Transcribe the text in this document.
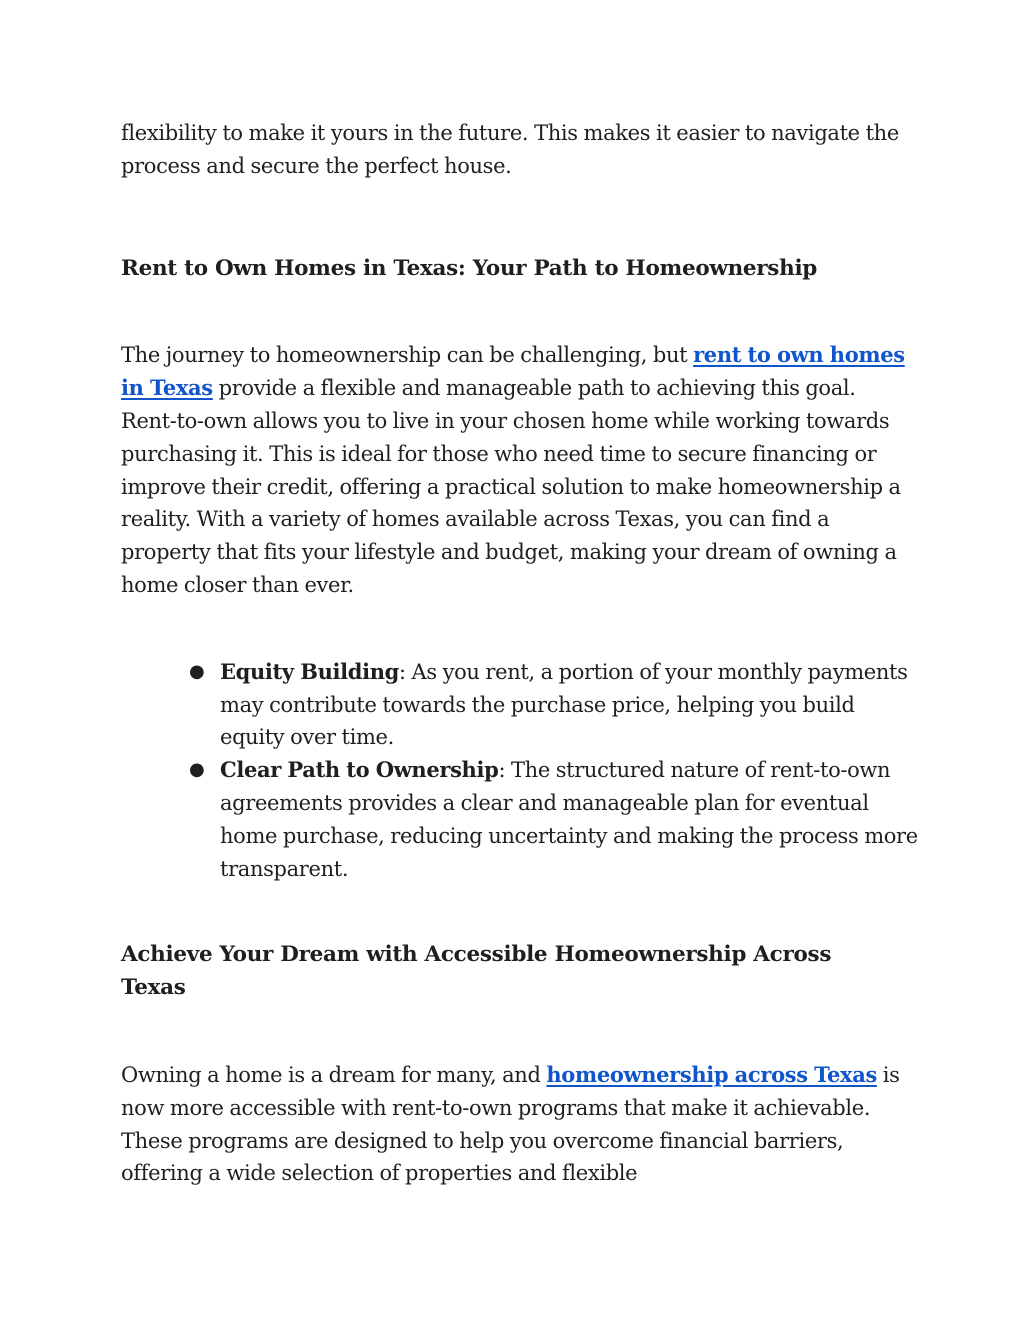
flexibility to make it yours in the future. This makes it easier to navigate the process and secure the perfect house.

Rent to Own Homes in Texas: Your Path to Homeownership

The journey to homeownership can be challenging, but rent to own homes in Texas provide a flexible and manageable path to achieving this goal. Rent-to-own allows you to live in your chosen home while working towards purchasing it. This is ideal for those who need time to secure financing or improve their credit, offering a practical solution to make homeownership a reality. With a variety of homes available across Texas, you can find a property that fits your lifestyle and budget, making your dream of owning a home closer than ever.

● Equity Building: As you rent, a portion of your monthly payments may contribute towards the purchase price, helping you build equity over time.
● Clear Path to Ownership: The structured nature of rent-to-own agreements provides a clear and manageable plan for eventual home purchase, reducing uncertainty and making the process more transparent.
Achieve Your Dream with Accessible Homeownership Across Texas

Owning a home is a dream for many, and homeownership across Texas is now more accessible with rent-to-own programs that make it achievable. These programs are designed to help you overcome financial barriers, offering a wide selection of properties and flexible
